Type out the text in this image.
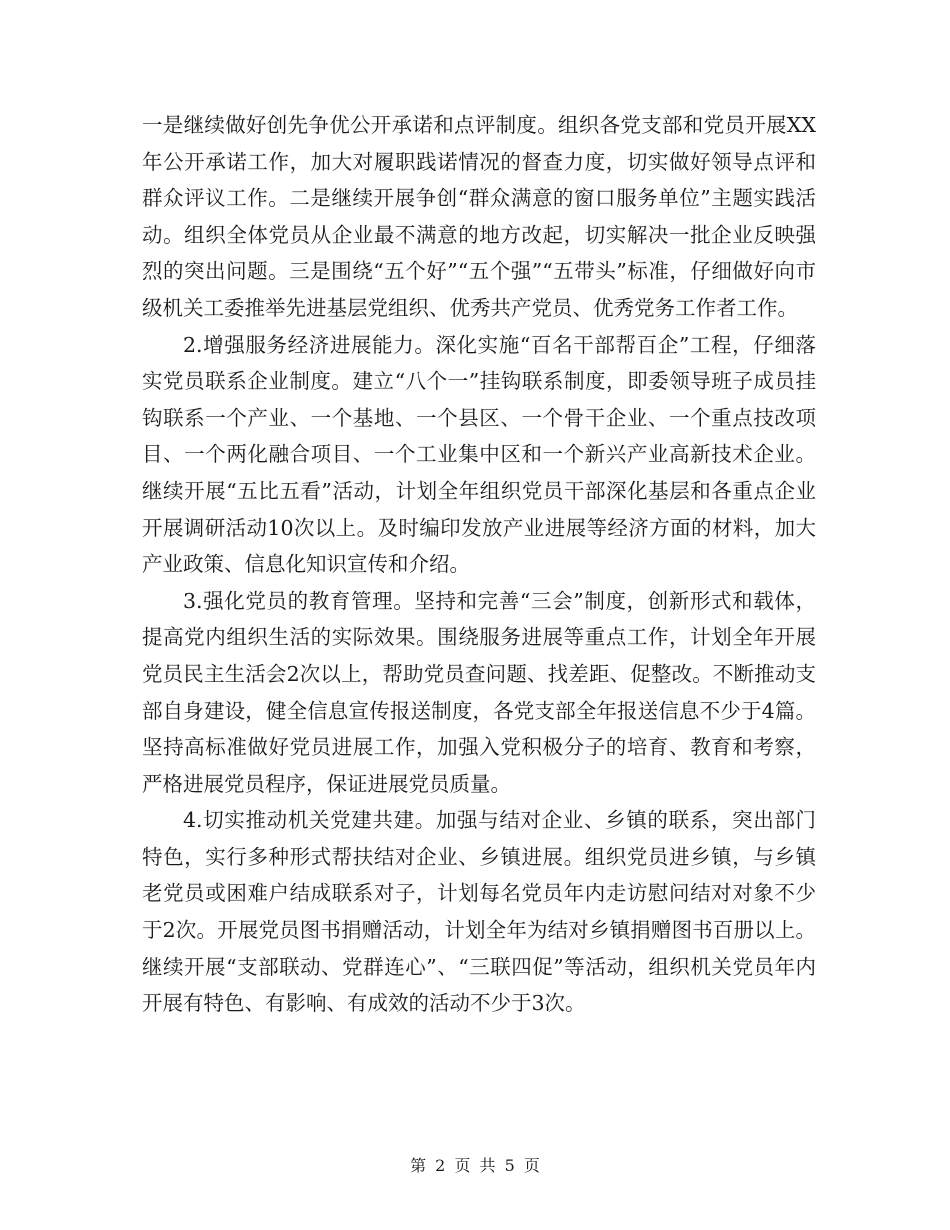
一是继续做好创先争优公开承诺和点评制度。组织各党支部和党员开展XX年公开承诺工作，加大对履职践诺情况的督查力度，切实做好领导点评和群众评议工作。二是继续开展争创“群众满意的窗口服务单位”主题实践活动。组织全体党员从企业最不满意的地方改起，切实解决一批企业反映强烈的突出问题。三是围绕“五个好”“五个强”“五带头”标准，仔细做好向市级机关工委推举先进基层党组织、优秀共产党员、优秀党务工作者工作。

2.增强服务经济进展能力。深化实施“百名干部帮百企”工程，仔细落实党员联系企业制度。建立“八个一”挂钩联系制度，即委领导班子成员挂钩联系一个产业、一个基地、一个县区、一个骨干企业、一个重点技改项目、一个两化融合项目、一个工业集中区和一个新兴产业高新技术企业。继续开展“五比五看”活动，计划全年组织党员干部深化基层和各重点企业开展调研活动10次以上。及时编印发放产业进展等经济方面的材料，加大产业政策、信息化知识宣传和介绍。

3.强化党员的教育管理。坚持和完善“三会”制度，创新形式和载体，提高党内组织生活的实际效果。围绕服务进展等重点工作，计划全年开展党员民主生活会2次以上，帮助党员查问题、找差距、促整改。不断推动支部自身建设，健全信息宣传报送制度，各党支部全年报送信息不少于4篇。坚持高标准做好党员进展工作，加强入党积极分子的培育、教育和考察，严格进展党员程序，保证进展党员质量。

4.切实推动机关党建共建。加强与结对企业、乡镇的联系，突出部门特色，实行多种形式帮扶结对企业、乡镇进展。组织党员进乡镇，与乡镇老党员或困难户结成联系对子，计划每名党员年内走访慰问结对对象不少于2次。开展党员图书捐赠活动，计划全年为结对乡镇捐赠图书百册以上。继续开展“支部联动、党群连心”、“三联四促”等活动，组织机关党员年内开展有特色、有影响、有成效的活动不少于3次。

第 2 页 共 5 页
